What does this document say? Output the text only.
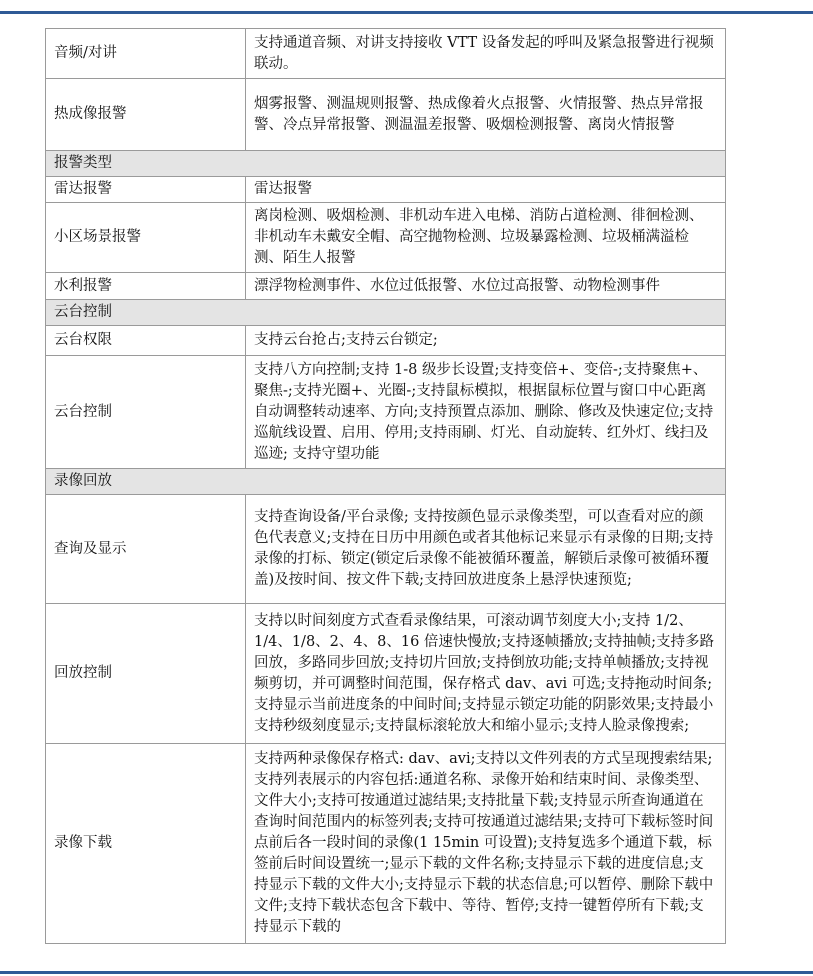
音频/对讲	支持通道音频、对讲支持接收 VTT 设备发起的呼叫及紧急报警进行视频联动。
热成像报警	烟雾报警、测温规则报警、热成像着火点报警、火情报警、热点异常报警、冷点异常报警、测温温差报警、吸烟检测报警、离岗火情报警
报警类型	
雷达报警	雷达报警
小区场景报警	离岗检测、吸烟检测、非机动车进入电梯、消防占道检测、徘徊检测、非机动车未戴安全帽、高空抛物检测、垃圾暴露检测、垃圾桶满溢检测、陌生人报警
水利报警	漂浮物检测事件、水位过低报警、水位过高报警、动物检测事件
云台控制	
云台权限	支持云台抢占;支持云台锁定;
云台控制	支持八方向控制;支持 1-8 级步长设置;支持变倍+、变倍-;支持聚焦+、聚焦-;支持光圈+、光圈-;支持鼠标模拟，根据鼠标位置与窗口中心距离自动调整转动速率、方向;支持预置点添加、删除、修改及快速定位;支持巡航线设置、启用、停用;支持雨刷、灯光、自动旋转、红外灯、线扫及巡迹; 支持守望功能
录像回放	
查询及显示	支持查询设备/平台录像; 支持按颜色显示录像类型，可以查看对应的颜色代表意义;支持在日历中用颜色或者其他标记来显示有录像的日期;支持录像的打标、锁定(锁定后录像不能被循环覆盖，解锁后录像可被循环覆盖)及按时间、按文件下载;支持回放进度条上悬浮快速预览;
回放控制	支持以时间刻度方式查看录像结果，可滚动调节刻度大小;支持 1/2、1/4、1/8、2、4、8、16 倍速快慢放;支持逐帧播放;支持抽帧;支持多路回放，多路同步回放;支持切片回放;支持倒放功能;支持单帧播放;支持视频剪切，并可调整时间范围，保存格式 dav、avi 可选;支持拖动时间条;支持显示当前进度条的中间时间;支持显示锁定功能的阴影效果;支持最小支持秒级刻度显示;支持鼠标滚轮放大和缩小显示;支持人脸录像搜索;
录像下载	支持两种录像保存格式: dav、avi;支持以文件列表的方式呈现搜索结果;支持列表展示的内容包括:通道名称、录像开始和结束时间、录像类型、文件大小;支持可按通道过滤结果;支持批量下载;支持显示所查询通道在查询时间范围内的标签列表;支持可按通道过滤结果;支持可下载标签时间点前后各一段时间的录像(1 15min 可设置);支持复选多个通道下载，标签前后时间设置统一;显示下载的文件名称;支持显示下载的进度信息;支持显示下载的文件大小;支持显示下载的状态信息;可以暂停、删除下载中文件;支持下载状态包含下载中、等待、暂停;支持一键暂停所有下载;支持显示下载的
